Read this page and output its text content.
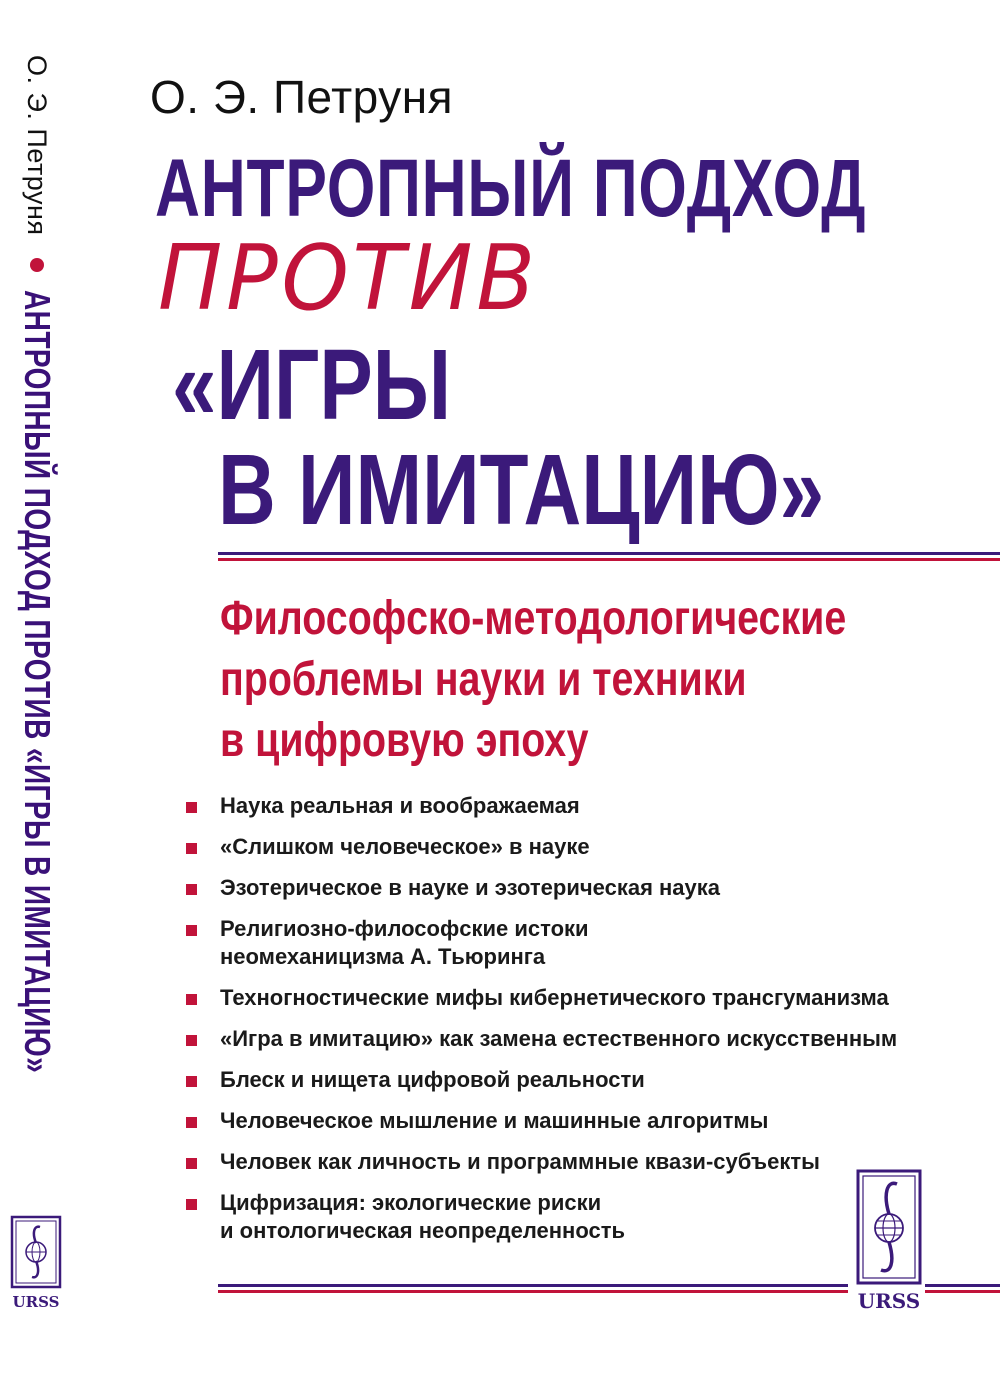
О. Э. Петруня
АНТРОПНЫЙ ПОДХОД ПРОТИВ «ИГРЫ В ИМИТАЦИЮ»
URSS
О. Э. Петруня
АНТРОПНЫЙ ПОДХОД
ПРОТИВ
«ИГРЫ
В ИМИТАЦИЮ»
Философско-методологические
проблемы науки и техники
в цифровую эпоху
Наука реальная и воображаемая
«Слишком человеческое» в науке
Эзотерическое в науке и эзотерическая наука
Религиозно-философские истоки
неомеханицизма А. Тьюринга
Техногностические мифы кибернетического трансгуманизма
«Игра в имитацию» как замена естественного искусственным
Блеск и нищета цифровой реальности
Человеческое мышление и машинные алгоритмы
Человек как личность и программные квази-субъекты
Цифризация: экологические риски
и онтологическая неопределенность
URSS
